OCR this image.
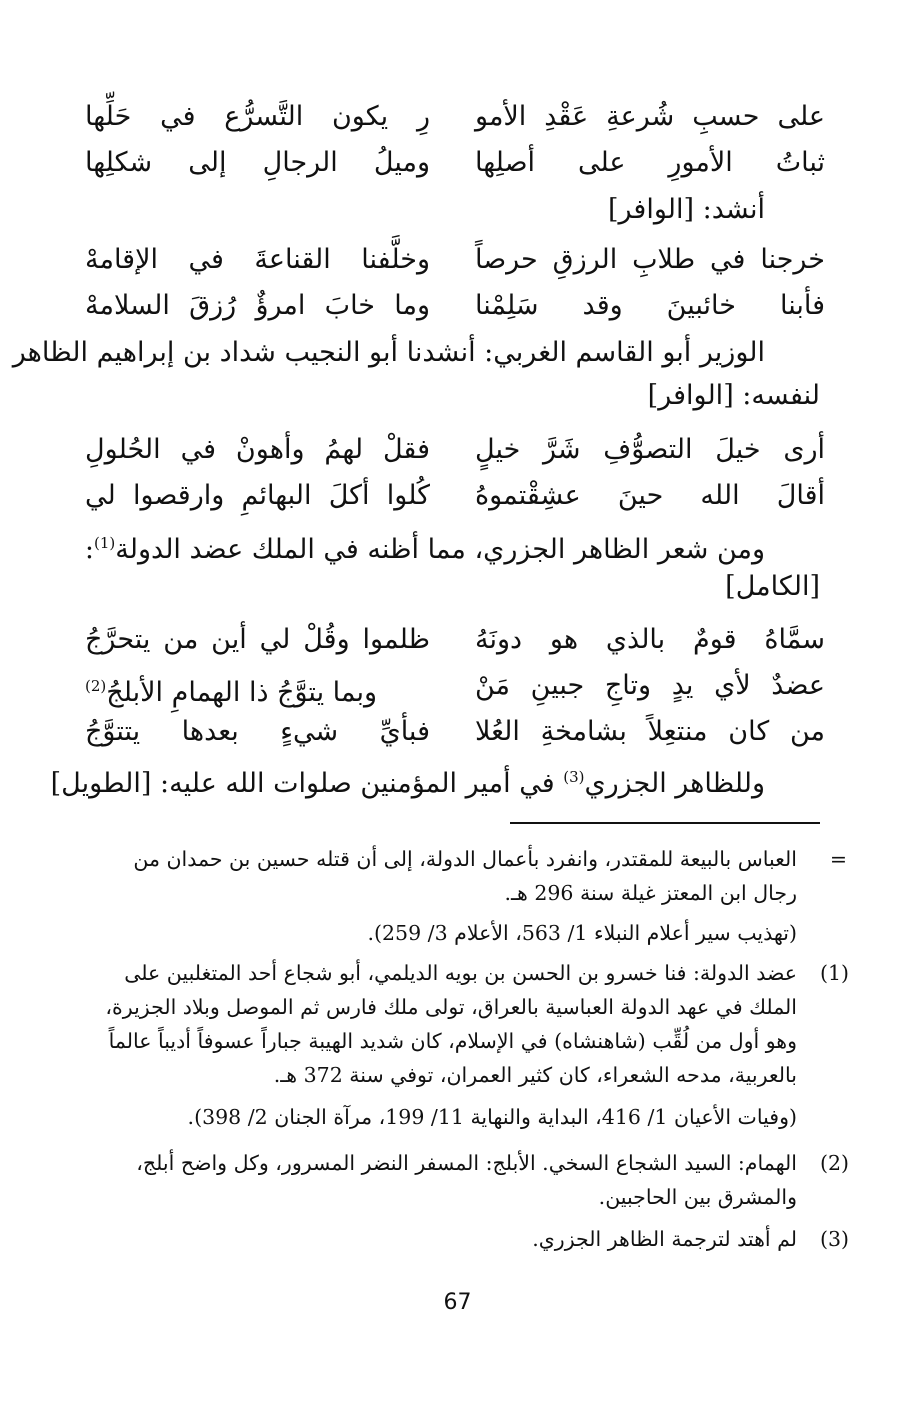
على حسبِ شُرعةِ عَقْدِ الأمو
رِ يكون التَّسرُّع في حَلِّها
ثباتُ الأمورِ على أصلِها
وميلُ الرجالِ إلى شكلِها
أنشد: [الوافر]
خرجنا في طلابِ الرزقِ حرصاً
وخلَّفنا القناعةَ في الإقامهْ
فأبنا خائبينَ وقد سَلِمْنا
وما خابَ امرؤٌ رُزقَ السلامهْ
الوزير أبو القاسم الغربي: أنشدنا أبو النجيب شداد بن إبراهيم الظاهر
لنفسه: [الوافر]
أرى خيلَ التصوُّفِ شَرَّ خيلٍ
فقلْ لهمُ وأهونْ في الحُلولِ
أقالَ الله حينَ عشِقْتموهُ
كُلوا أكلَ البهائمِ وارقصوا لي
ومن شعر الظاهر الجزري، مما أظنه في الملك عضد الدولة$^{(1)}$:
[الكامل]
سمَّاهُ قومٌ بالذي هو دونَهُ
ظلموا وقُلْ لي أين من يتحرَّجُ
عضدٌ لأي يدٍ وتاجِ جبينِ مَنْ
وبما يتوَّجُ ذا الهمامِ الأبلجُ$^{(2)}$
من كان منتعِلاً بشامخةِ العُلا
فبأيِّ شيءٍ بعدها يتتوَّجُ
وللظاهر الجزري$^{(3)}$ في أمير المؤمنين صلوات الله عليه: [الطويل]
=
العباس بالبيعة للمقتدر، وانفرد بأعمال الدولة، إلى أن قتله حسين بن حمدان من
رجال ابن المعتز غيلة سنة 296 هـ.
(تهذيب سير أعلام النبلاء 1/ 563، الأعلام 3/ 259).
(1)
عضد الدولة: فنا خسرو بن الحسن بن بويه الديلمي، أبو شجاع أحد المتغلبين على
الملك في عهد الدولة العباسية بالعراق، تولى ملك فارس ثم الموصل وبلاد الجزيرة،
وهو أول من لُقِّب (شاهنشاه) في الإسلام، كان شديد الهيبة جباراً عسوفاً أديباً عالماً
بالعربية، مدحه الشعراء، كان كثير العمران، توفي سنة 372 هـ.
(وفيات الأعيان 1/ 416، البداية والنهاية 11/ 199، مرآة الجنان 2/ 398).
(2)
الهمام: السيد الشجاع السخي. الأبلج: المسفر النضر المسرور، وكل واضح أبلج،
والمشرق بين الحاجبين.
(3)
لم أهتد لترجمة الظاهر الجزري.
67
